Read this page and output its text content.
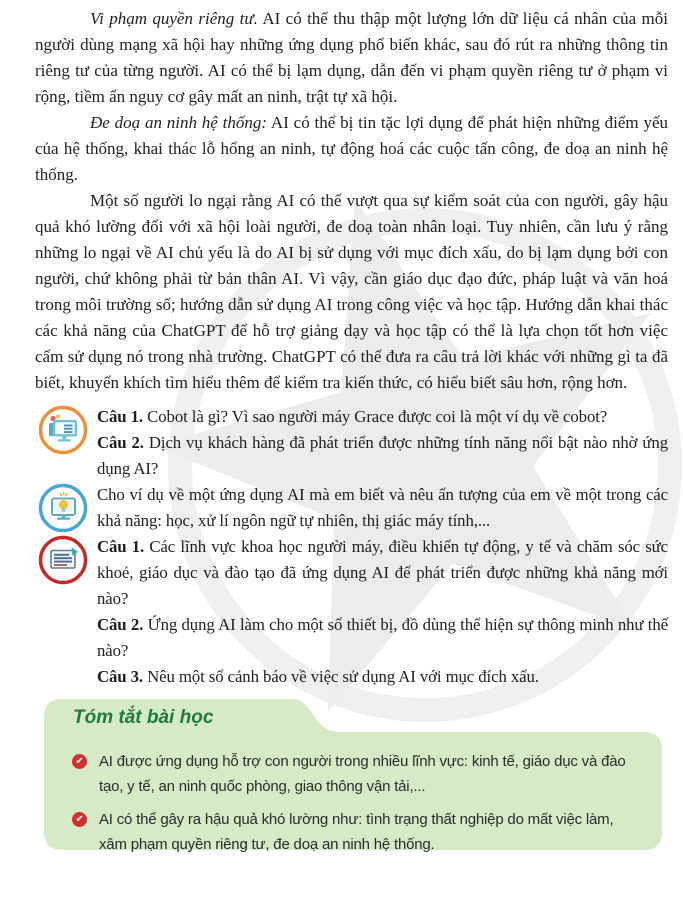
Vi phạm quyền riêng tư. AI có thể thu thập một lượng lớn dữ liệu cá nhân của mỗi người dùng mạng xã hội hay những ứng dụng phổ biến khác, sau đó rút ra những thông tin riêng tư của từng người. AI có thể bị lạm dụng, dẫn đến vi phạm quyền riêng tư ở phạm vi rộng, tiềm ẩn nguy cơ gây mất an ninh, trật tự xã hội.

Đe doạ an ninh hệ thống: AI có thể bị tin tặc lợi dụng để phát hiện những điểm yếu của hệ thống, khai thác lỗ hổng an ninh, tự động hoá các cuộc tấn công, đe doạ an ninh hệ thống.

Một số người lo ngại rằng AI có thể vượt qua sự kiểm soát của con người, gây hậu quả khó lường đối với xã hội loài người, đe doạ toàn nhân loại. Tuy nhiên, cần lưu ý rằng những lo ngại về AI chủ yếu là do AI bị sử dụng với mục đích xấu, do bị lạm dụng bởi con người, chứ không phải từ bản thân AI. Vì vậy, cần giáo dục đạo đức, pháp luật và văn hoá trong môi trường số; hướng dẫn sử dụng AI trong công việc và học tập. Hướng dẫn khai thác các khả năng của ChatGPT để hỗ trợ giảng dạy và học tập có thể là lựa chọn tốt hơn việc cấm sử dụng nó trong nhà trường. ChatGPT có thể đưa ra câu trả lời khác với những gì ta đã biết, khuyến khích tìm hiểu thêm để kiểm tra kiến thức, có hiểu biết sâu hơn, rộng hơn.

Câu 1. Cobot là gì? Vì sao người máy Grace được coi là một ví dụ về cobot?

Câu 2. Dịch vụ khách hàng đã phát triển được những tính năng nổi bật nào nhờ ứng dụng AI?

Cho ví dụ về một ứng dụng AI mà em biết và nêu ấn tượng của em về một trong các khả năng: học, xử lí ngôn ngữ tự nhiên, thị giác máy tính,...

Câu 1. Các lĩnh vực khoa học người máy, điều khiển tự động, y tế và chăm sóc sức khoẻ, giáo dục và đào tạo đã ứng dụng AI để phát triển được những khả năng mới nào?

Câu 2. Ứng dụng AI làm cho một số thiết bị, đồ dùng thể hiện sự thông minh như thế nào?

Câu 3. Nêu một số cảnh báo về việc sử dụng AI với mục đích xấu.

Tóm tắt bài học
✔ AI được ứng dụng hỗ trợ con người trong nhiều lĩnh vực: kinh tế, giáo dục và đào tạo, y tế, an ninh quốc phòng, giao thông vận tải,...
✔ AI có thể gây ra hậu quả khó lường như: tình trạng thất nghiệp do mất việc làm, xâm phạm quyền riêng tư, đe doạ an ninh hệ thống.
